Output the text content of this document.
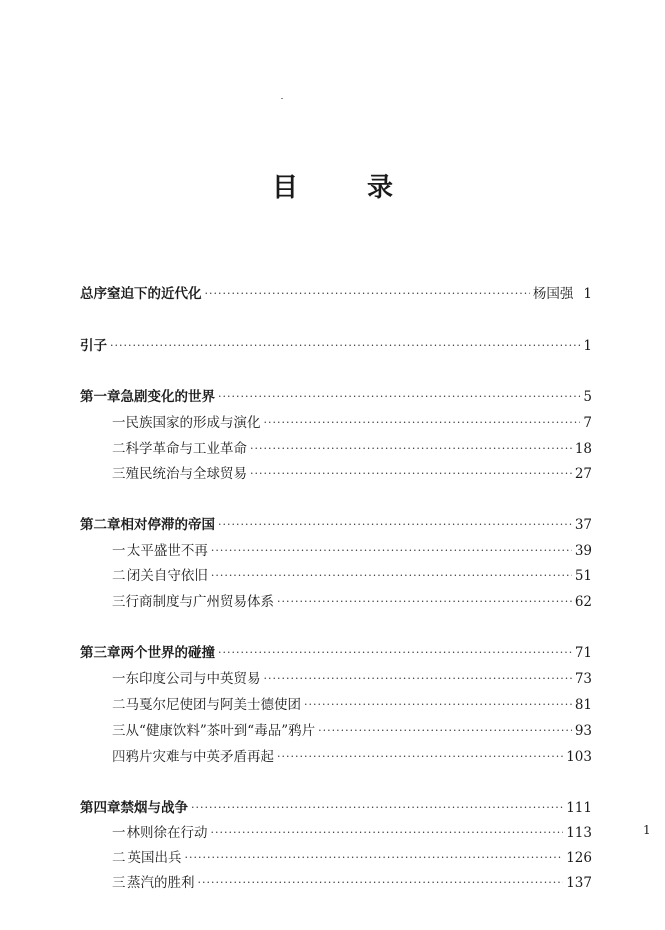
目 录
总序 窒迫下的近代化 ·····	杨国强 1
引子 ·····	1
第一章 急剧变化的世界 ·····	5
一 民族国家的形成与演化 ·····	7
二 科学革命与工业革命 ·····	18
三 殖民统治与全球贸易 ·····	27
第二章 相对停滞的帝国 ·····	37
一 太平盛世不再 ·····	39
二 闭关自守依旧 ·····	51
三 行商制度与广州贸易体系 ·····	62
第三章 两个世界的碰撞 ·····	71
一 东印度公司与中英贸易 ·····	73
二 马戛尔尼使团与阿美士德使团 ·····	81
三 从“健康饮料”茶叶到“毒品”鸦片 ·····	93
四 鸦片灾难与中英矛盾再起 ·····	103
第四章 禁烟与战争 ·····	111
一 林则徐在行动 ·····	113
二 英国出兵 ·····	126
三 蒸汽的胜利 ·····	137
1
